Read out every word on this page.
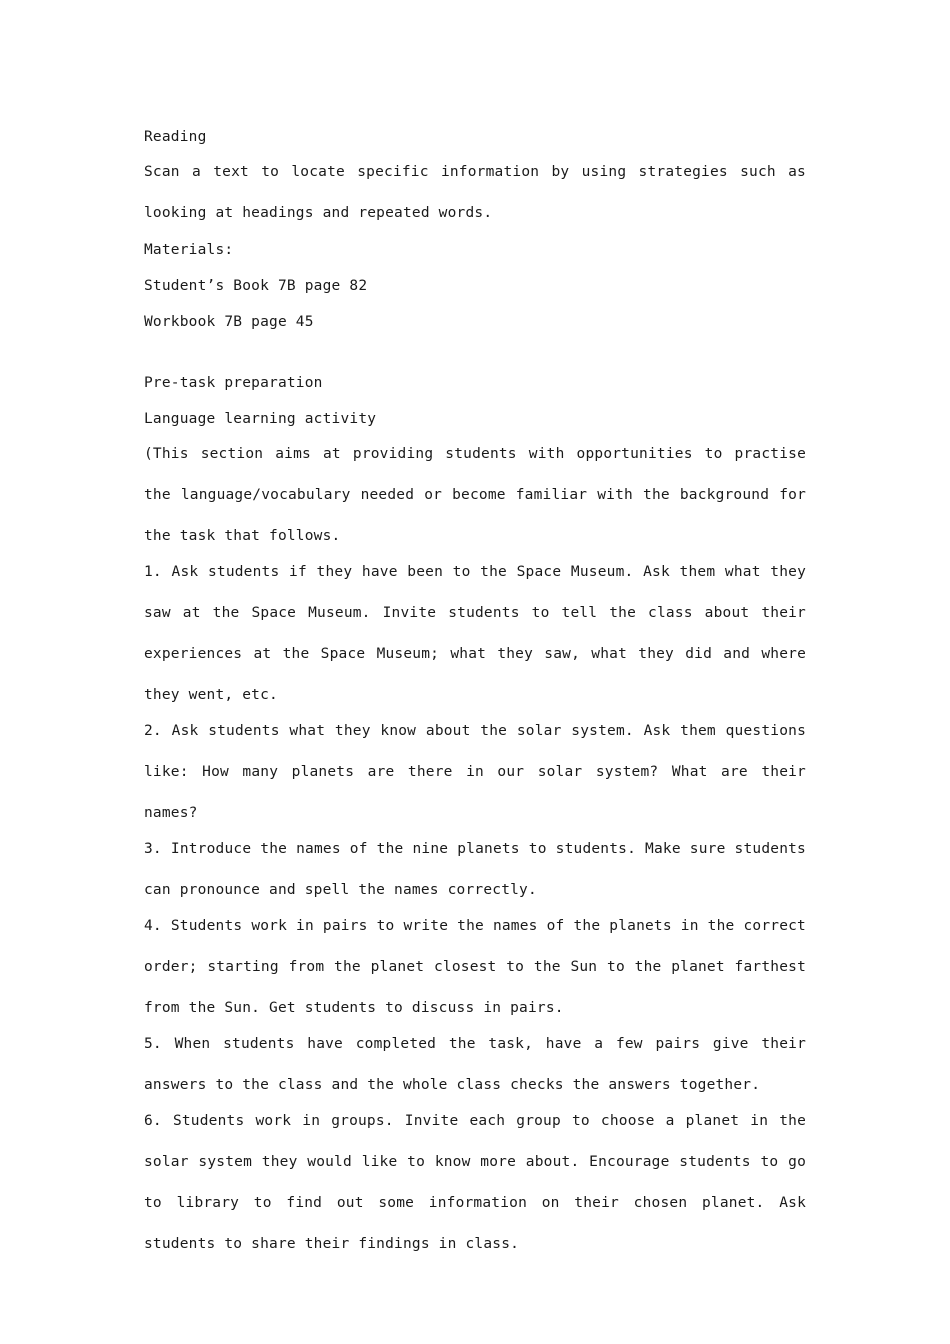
Reading
Scan a text to locate specific information by using strategies such as looking at headings and repeated words.
Materials:
Student’s Book 7B page 82
Workbook 7B page 45
Pre-task preparation
Language learning activity
(This section aims at providing students with opportunities to practise the language/vocabulary needed or become familiar with the background for the task that follows.
1. Ask students if they have been to the Space Museum. Ask them what they saw at the Space Museum. Invite students to tell the class about their experiences at the Space Museum; what they saw, what they did and where they went, etc.
2. Ask students what they know about the solar system. Ask them questions like: How many planets are there in our solar system? What are their names?
3. Introduce the names of the nine planets to students. Make sure students can pronounce and spell the names correctly.
4. Students work in pairs to write the names of the planets in the correct order; starting from the planet closest to the Sun to the planet farthest from the Sun. Get students to discuss in pairs.
5. When students have completed the task, have a few pairs give their answers to the class and the whole class checks the answers together.
6. Students work in groups. Invite each group to choose a planet in the solar system they would like to know more about. Encourage students to go to library to find out some information on their chosen planet. Ask students to share their findings in class.
